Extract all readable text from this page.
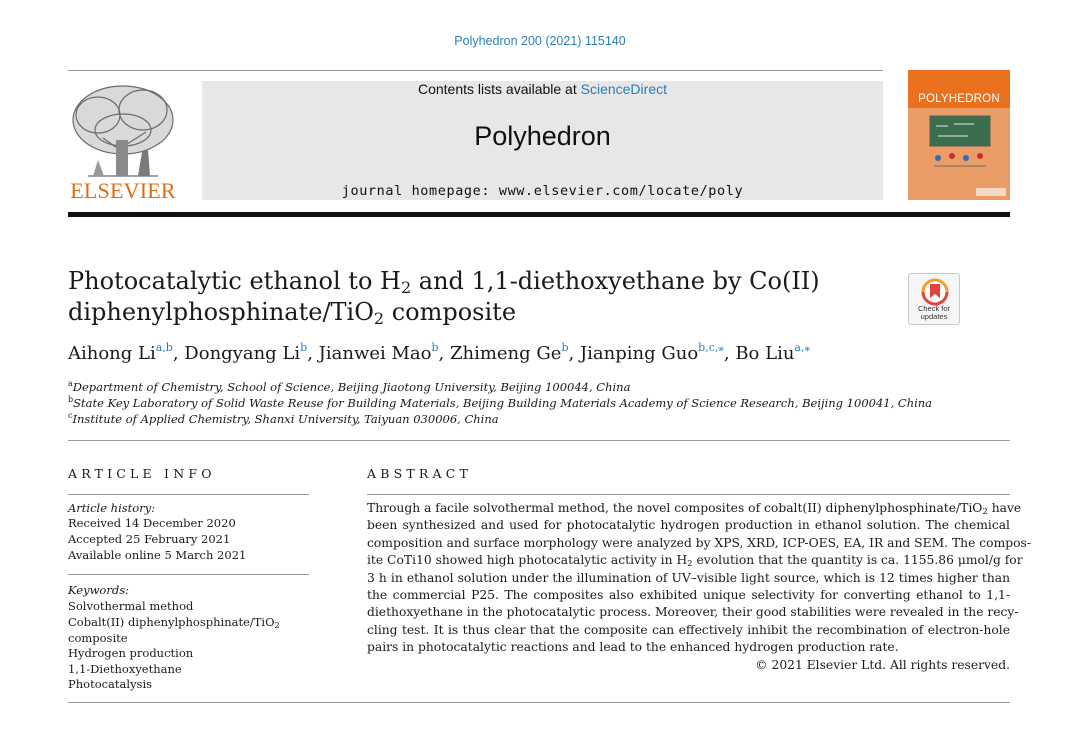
Polyhedron 200 (2021) 115140
ELSEVIER
Contents lists available at ScienceDirect
Polyhedron
journal homepage: www.elsevier.com/locate/poly
POLYHEDRON
Photocatalytic ethanol to $H_2$ and 1,1-diethoxyethane by Co(II)
diphenylphosphinate/TiO$_2$ composite	Check for
updates
Aihong Li$^{a,b}$, Dongyang Li$^b$, Jianwei Mao$^b$, Zhimeng Ge$^b$, Jianping Guo$^{b,c,⁎}$, Bo Liu$^{a,⁎}$
$^a$Department of Chemistry, School of Science, Beijing Jiaotong University, Beijing 100044, China
$^b$State Key Laboratory of Solid Waste Reuse for Building Materials, Beijing Building Materials Academy of Science Research, Beijing 100041, China
$^c$Institute of Applied Chemistry, Shanxi University, Taiyuan 030006, China
ARTICLE INFO
Article history:
Received 14 December 2020
Accepted 25 February 2021
Available online 5 March 2021
Keywords:
Solvothermal method
Cobalt(II) diphenylphosphinate/TiO$_2$
composite
Hydrogen production
1,1-Diethoxyethane
Photocatalysis
ABSTRACT
Through a facile solvothermal method, the novel composites of cobalt(II) diphenylphosphinate/TiO$_2$ have
been synthesized and used for photocatalytic hydrogen production in ethanol solution. The chemical
composition and surface morphology were analyzed by XPS, XRD, ICP-OES, EA, IR and SEM. The compos-
ite CoTi10 showed high photocatalytic activity in $H_2$ evolution that the quantity is ca. 1155.86 μmol/g for
3 h in ethanol solution under the illumination of UV–visible light source, which is 12 times higher than
the commercial P25. The composites also exhibited unique selectivity for converting ethanol to 1,1-
diethoxyethane in the photocatalytic process. Moreover, their good stabilities were revealed in the recy-
cling test. It is thus clear that the composite can effectively inhibit the recombination of electron-hole
pairs in photocatalytic reactions and lead to the enhanced hydrogen production rate.
© 2021 Elsevier Ltd. All rights reserved.
